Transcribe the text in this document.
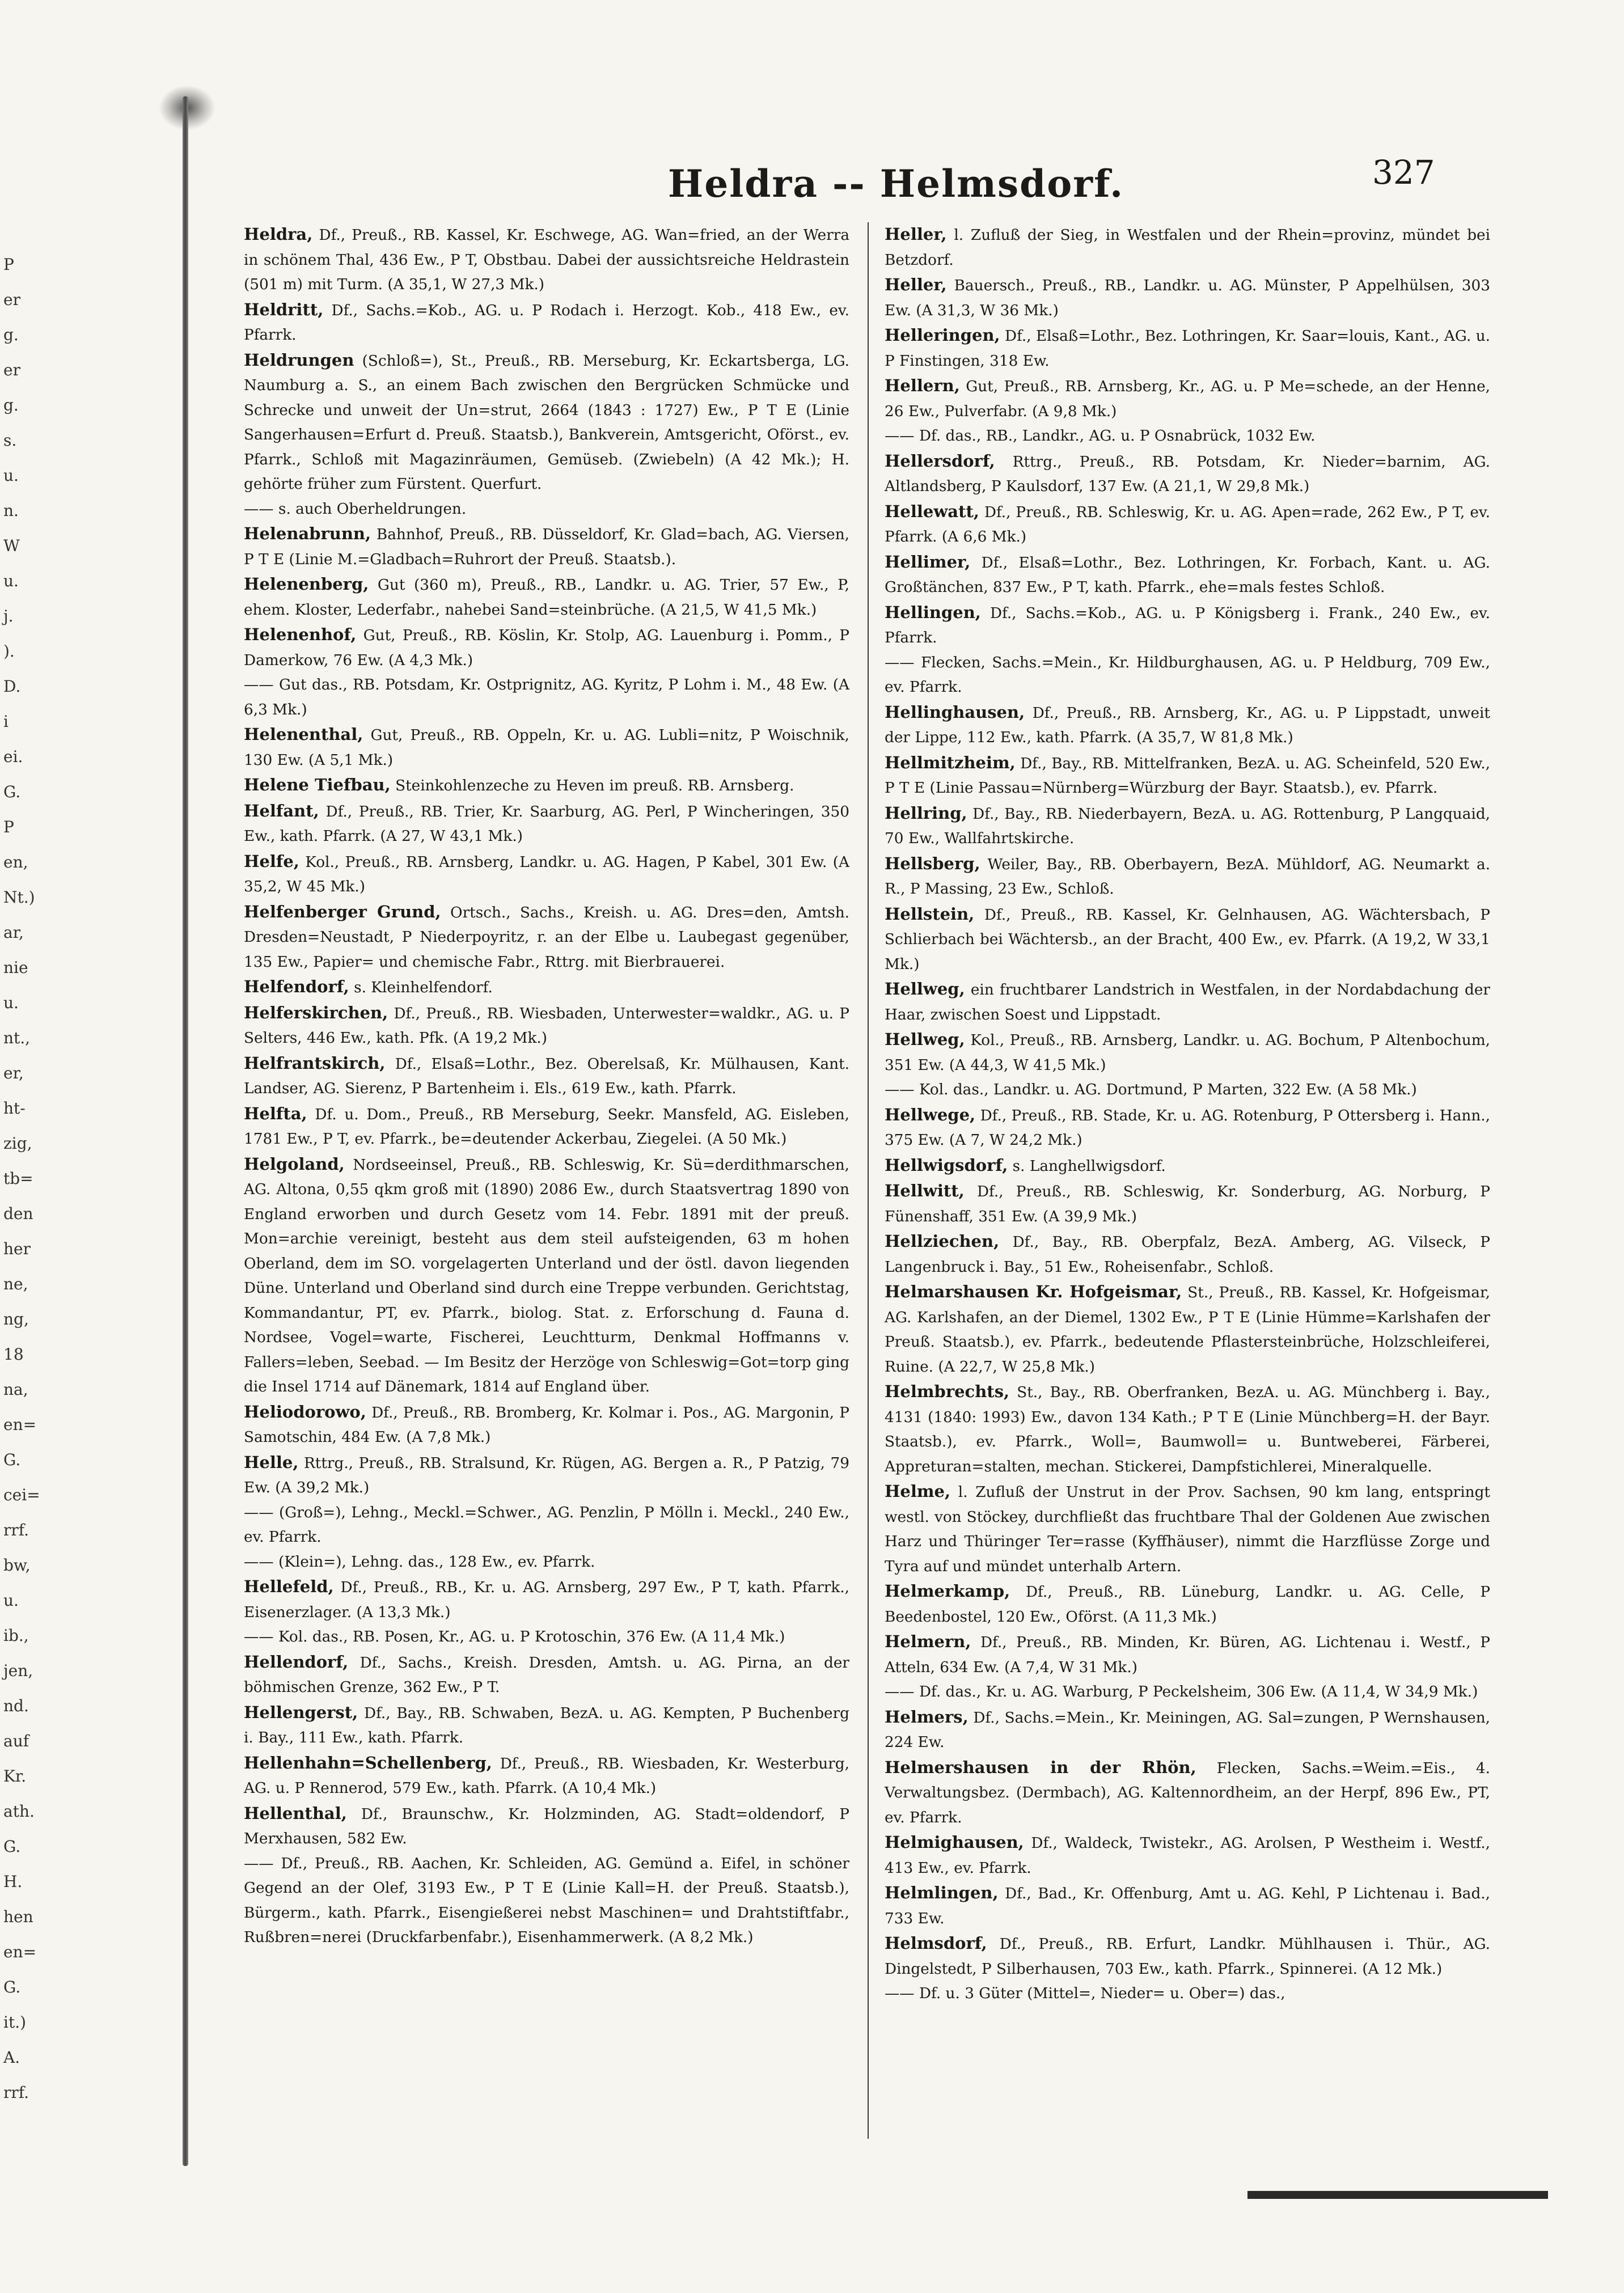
P
er
g.
er
g.
s.
u.
n.
W
u.
j.
).
D.
i
ei.
G.
P
en,
Nt.)
ar,
nie
u.
nt.,
er,
ht-
zig,
tb=
den
her
ne,
ng,
18
na,
en=
G.
cei=
rrf.
bw,
u.
ib.,
jen,
nd.
auf
Kr.
ath.
G.
H.
hen
en=
G.
it.)
A.
rrf.
Heldra -- Helmsdorf.	327

Heldra, Df., Preuß., RB. Kassel, Kr. Eschwege, AG. Wan=fried, an der Werra in schönem Thal, 436 Ew., P T, Obstbau. Dabei der aussichtsreiche Heldrastein (501 m) mit Turm. (A 35,1, W 27,3 Mk.)

Heldritt, Df., Sachs.=Kob., AG. u. P Rodach i. Herzogt. Kob., 418 Ew., ev. Pfarrk.

Heldrungen (Schloß=), St., Preuß., RB. Merseburg, Kr. Eckartsberga, LG. Naumburg a. S., an einem Bach zwischen den Bergrücken Schmücke und Schrecke und unweit der Un=strut, 2664 (1843 : 1727) Ew., P T E (Linie Sangerhausen=Erfurt d. Preuß. Staatsb.), Bankverein, Amtsgericht, Oförst., ev. Pfarrk., Schloß mit Magazinräumen, Gemüseb. (Zwiebeln) (A 42 Mk.); H. gehörte früher zum Fürstent. Querfurt.

—— s. auch Oberheldrungen.

Helenabrunn, Bahnhof, Preuß., RB. Düsseldorf, Kr. Glad=bach, AG. Viersen, P T E (Linie M.=Gladbach=Ruhrort der Preuß. Staatsb.).

Helenenberg, Gut (360 m), Preuß., RB., Landkr. u. AG. Trier, 57 Ew., P, ehem. Kloster, Lederfabr., nahebei Sand=steinbrüche. (A 21,5, W 41,5 Mk.)

Helenenhof, Gut, Preuß., RB. Köslin, Kr. Stolp, AG. Lauenburg i. Pomm., P Damerkow, 76 Ew. (A 4,3 Mk.)

—— Gut das., RB. Potsdam, Kr. Ostprignitz, AG. Kyritz, P Lohm i. M., 48 Ew. (A 6,3 Mk.)

Helenenthal, Gut, Preuß., RB. Oppeln, Kr. u. AG. Lubli=nitz, P Woischnik, 130 Ew. (A 5,1 Mk.)

Helene Tiefbau, Steinkohlenzeche zu Heven im preuß. RB. Arnsberg.

Helfant, Df., Preuß., RB. Trier, Kr. Saarburg, AG. Perl, P Wincheringen, 350 Ew., kath. Pfarrk. (A 27, W 43,1 Mk.)

Helfe, Kol., Preuß., RB. Arnsberg, Landkr. u. AG. Hagen, P Kabel, 301 Ew. (A 35,2, W 45 Mk.)

Helfenberger Grund, Ortsch., Sachs., Kreish. u. AG. Dres=den, Amtsh. Dresden=Neustadt, P Niederpoyritz, r. an der Elbe u. Laubegast gegenüber, 135 Ew., Papier= und chemische Fabr., Rttrg. mit Bierbrauerei.

Helfendorf, s. Kleinhelfendorf.

Helferskirchen, Df., Preuß., RB. Wiesbaden, Unterwester=waldkr., AG. u. P Selters, 446 Ew., kath. Pfk. (A 19,2 Mk.)

Helfrantskirch, Df., Elsaß=Lothr., Bez. Oberelsaß, Kr. Mülhausen, Kant. Landser, AG. Sierenz, P Bartenheim i. Els., 619 Ew., kath. Pfarrk.

Helfta, Df. u. Dom., Preuß., RB Merseburg, Seekr. Mansfeld, AG. Eisleben, 1781 Ew., P T, ev. Pfarrk., be=deutender Ackerbau, Ziegelei. (A 50 Mk.)

Helgoland, Nordseeinsel, Preuß., RB. Schleswig, Kr. Sü=derdithmarschen, AG. Altona, 0,55 qkm groß mit (1890) 2086 Ew., durch Staatsvertrag 1890 von England erworben und durch Gesetz vom 14. Febr. 1891 mit der preuß. Mon=archie vereinigt, besteht aus dem steil aufsteigenden, 63 m hohen Oberland, dem im SO. vorgelagerten Unterland und der östl. davon liegenden Düne. Unterland und Oberland sind durch eine Treppe verbunden. Gerichtstag, Kommandantur, PT, ev. Pfarrk., biolog. Stat. z. Erforschung d. Fauna d. Nordsee, Vogel=warte, Fischerei, Leuchtturm, Denkmal Hoffmanns v. Fallers=leben, Seebad. — Im Besitz der Herzöge von Schleswig=Got=torp ging die Insel 1714 auf Dänemark, 1814 auf England über.

Heliodorowo, Df., Preuß., RB. Bromberg, Kr. Kolmar i. Pos., AG. Margonin, P Samotschin, 484 Ew. (A 7,8 Mk.)

Helle, Rttrg., Preuß., RB. Stralsund, Kr. Rügen, AG. Bergen a. R., P Patzig, 79 Ew. (A 39,2 Mk.)

—— (Groß=), Lehng., Meckl.=Schwer., AG. Penzlin, P Mölln i. Meckl., 240 Ew., ev. Pfarrk.

—— (Klein=), Lehng. das., 128 Ew., ev. Pfarrk.

Hellefeld, Df., Preuß., RB., Kr. u. AG. Arnsberg, 297 Ew., P T, kath. Pfarrk., Eisenerzlager. (A 13,3 Mk.)

—— Kol. das., RB. Posen, Kr., AG. u. P Krotoschin, 376 Ew. (A 11,4 Mk.)

Hellendorf, Df., Sachs., Kreish. Dresden, Amtsh. u. AG. Pirna, an der böhmischen Grenze, 362 Ew., P T.

Hellengerst, Df., Bay., RB. Schwaben, BezA. u. AG. Kempten, P Buchenberg i. Bay., 111 Ew., kath. Pfarrk.

Hellenhahn=Schellenberg, Df., Preuß., RB. Wiesbaden, Kr. Westerburg, AG. u. P Rennerod, 579 Ew., kath. Pfarrk. (A 10,4 Mk.)

Hellenthal, Df., Braunschw., Kr. Holzminden, AG. Stadt=oldendorf, P Merxhausen, 582 Ew.

—— Df., Preuß., RB. Aachen, Kr. Schleiden, AG. Gemünd a. Eifel, in schöner Gegend an der Olef, 3193 Ew., P T E (Linie Kall=H. der Preuß. Staatsb.), Bürgerm., kath. Pfarrk., Eisengießerei nebst Maschinen= und Drahtstiftfabr., Rußbren=nerei (Druckfarbenfabr.), Eisenhammerwerk. (A 8,2 Mk.)

Heller, l. Zufluß der Sieg, in Westfalen und der Rhein=provinz, mündet bei Betzdorf.

Heller, Bauersch., Preuß., RB., Landkr. u. AG. Münster, P Appelhülsen, 303 Ew. (A 31,3, W 36 Mk.)

Helleringen, Df., Elsaß=Lothr., Bez. Lothringen, Kr. Saar=louis, Kant., AG. u. P Finstingen, 318 Ew.

Hellern, Gut, Preuß., RB. Arnsberg, Kr., AG. u. P Me=schede, an der Henne, 26 Ew., Pulverfabr. (A 9,8 Mk.)

—— Df. das., RB., Landkr., AG. u. P Osnabrück, 1032 Ew.

Hellersdorf, Rttrg., Preuß., RB. Potsdam, Kr. Nieder=barnim, AG. Altlandsberg, P Kaulsdorf, 137 Ew. (A 21,1, W 29,8 Mk.)

Hellewatt, Df., Preuß., RB. Schleswig, Kr. u. AG. Apen=rade, 262 Ew., P T, ev. Pfarrk. (A 6,6 Mk.)

Hellimer, Df., Elsaß=Lothr., Bez. Lothringen, Kr. Forbach, Kant. u. AG. Großtänchen, 837 Ew., P T, kath. Pfarrk., ehe=mals festes Schloß.

Hellingen, Df., Sachs.=Kob., AG. u. P Königsberg i. Frank., 240 Ew., ev. Pfarrk.

—— Flecken, Sachs.=Mein., Kr. Hildburghausen, AG. u. P Heldburg, 709 Ew., ev. Pfarrk.

Hellinghausen, Df., Preuß., RB. Arnsberg, Kr., AG. u. P Lippstadt, unweit der Lippe, 112 Ew., kath. Pfarrk. (A 35,7, W 81,8 Mk.)

Hellmitzheim, Df., Bay., RB. Mittelfranken, BezA. u. AG. Scheinfeld, 520 Ew., P T E (Linie Passau=Nürnberg=Würzburg der Bayr. Staatsb.), ev. Pfarrk.

Hellring, Df., Bay., RB. Niederbayern, BezA. u. AG. Rottenburg, P Langquaid, 70 Ew., Wallfahrtskirche.

Hellsberg, Weiler, Bay., RB. Oberbayern, BezA. Mühldorf, AG. Neumarkt a. R., P Massing, 23 Ew., Schloß.

Hellstein, Df., Preuß., RB. Kassel, Kr. Gelnhausen, AG. Wächtersbach, P Schlierbach bei Wächtersb., an der Bracht, 400 Ew., ev. Pfarrk. (A 19,2, W 33,1 Mk.)

Hellweg, ein fruchtbarer Landstrich in Westfalen, in der Nordabdachung der Haar, zwischen Soest und Lippstadt.

Hellweg, Kol., Preuß., RB. Arnsberg, Landkr. u. AG. Bochum, P Altenbochum, 351 Ew. (A 44,3, W 41,5 Mk.)

—— Kol. das., Landkr. u. AG. Dortmund, P Marten, 322 Ew. (A 58 Mk.)

Hellwege, Df., Preuß., RB. Stade, Kr. u. AG. Rotenburg, P Ottersberg i. Hann., 375 Ew. (A 7, W 24,2 Mk.)

Hellwigsdorf, s. Langhellwigsdorf.

Hellwitt, Df., Preuß., RB. Schleswig, Kr. Sonderburg, AG. Norburg, P Fünenshaff, 351 Ew. (A 39,9 Mk.)

Hellziechen, Df., Bay., RB. Oberpfalz, BezA. Amberg, AG. Vilseck, P Langenbruck i. Bay., 51 Ew., Roheisenfabr., Schloß.

Helmarshausen Kr. Hofgeismar, St., Preuß., RB. Kassel, Kr. Hofgeismar, AG. Karlshafen, an der Diemel, 1302 Ew., P T E (Linie Hümme=Karlshafen der Preuß. Staatsb.), ev. Pfarrk., bedeutende Pflastersteinbrüche, Holzschleiferei, Ruine. (A 22,7, W 25,8 Mk.)

Helmbrechts, St., Bay., RB. Oberfranken, BezA. u. AG. Münchberg i. Bay., 4131 (1840: 1993) Ew., davon 134 Kath.; P T E (Linie Münchberg=H. der Bayr. Staatsb.), ev. Pfarrk., Woll=, Baumwoll= u. Buntweberei, Färberei, Appreturan=stalten, mechan. Stickerei, Dampfstichlerei, Mineralquelle.

Helme, l. Zufluß der Unstrut in der Prov. Sachsen, 90 km lang, entspringt westl. von Stöckey, durchfließt das fruchtbare Thal der Goldenen Aue zwischen Harz und Thüringer Ter=rasse (Kyffhäuser), nimmt die Harzflüsse Zorge und Tyra auf und mündet unterhalb Artern.

Helmerkamp, Df., Preuß., RB. Lüneburg, Landkr. u. AG. Celle, P Beedenbostel, 120 Ew., Oförst. (A 11,3 Mk.)

Helmern, Df., Preuß., RB. Minden, Kr. Büren, AG. Lichtenau i. Westf., P Atteln, 634 Ew. (A 7,4, W 31 Mk.)

—— Df. das., Kr. u. AG. Warburg, P Peckelsheim, 306 Ew. (A 11,4, W 34,9 Mk.)

Helmers, Df., Sachs.=Mein., Kr. Meiningen, AG. Sal=zungen, P Wernshausen, 224 Ew.

Helmershausen in der Rhön, Flecken, Sachs.=Weim.=Eis., 4. Verwaltungsbez. (Dermbach), AG. Kaltennordheim, an der Herpf, 896 Ew., PT, ev. Pfarrk.

Helmighausen, Df., Waldeck, Twistekr., AG. Arolsen, P Westheim i. Westf., 413 Ew., ev. Pfarrk.

Helmlingen, Df., Bad., Kr. Offenburg, Amt u. AG. Kehl, P Lichtenau i. Bad., 733 Ew.

Helmsdorf, Df., Preuß., RB. Erfurt, Landkr. Mühlhausen i. Thür., AG. Dingelstedt, P Silberhausen, 703 Ew., kath. Pfarrk., Spinnerei. (A 12 Mk.)

—— Df. u. 3 Güter (Mittel=, Nieder= u. Ober=) das.,
